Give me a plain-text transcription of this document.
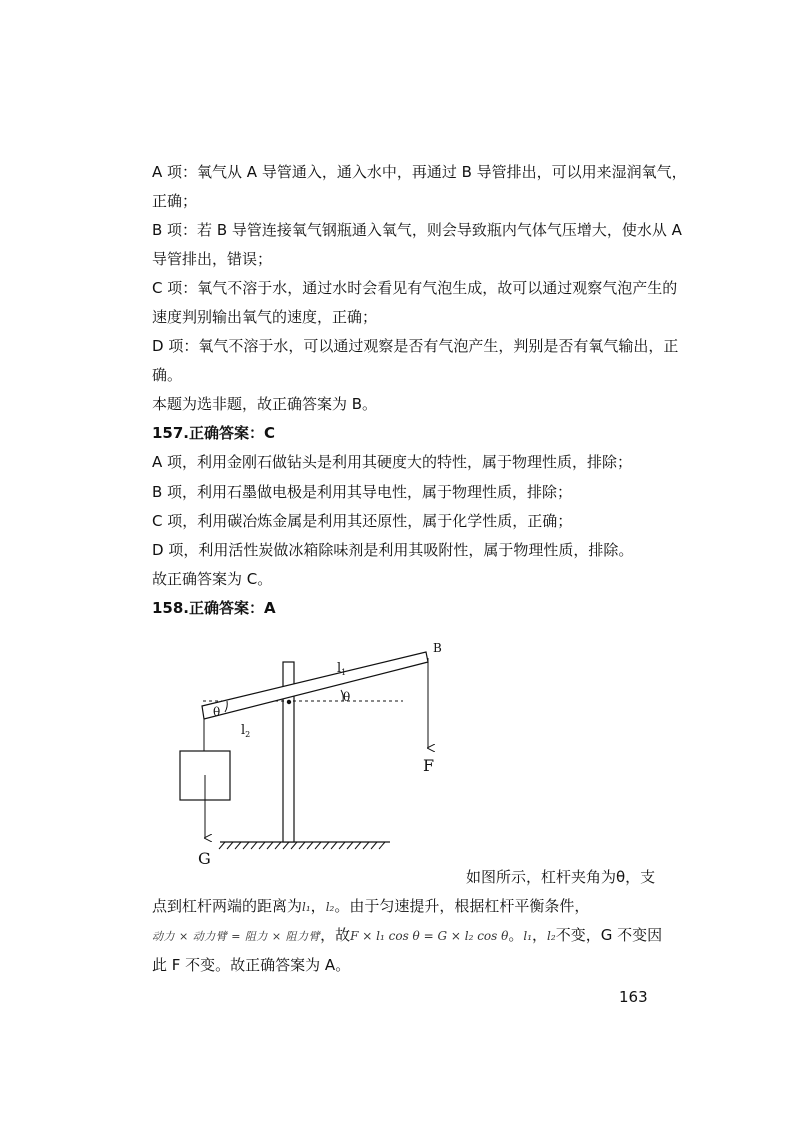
A 项：氧气从 A 导管通入，通入水中，再通过 B 导管排出，可以用来湿润氧气，
正确；
B 项：若 B 导管连接氧气钢瓶通入氧气，则会导致瓶内气体气压增大，使水从 A
导管排出，错误；
C 项：氧气不溶于水，通过水时会看见有气泡生成，故可以通过观察气泡产生的
速度判别输出氧气的速度，正确；
D 项：氧气不溶于水，可以通过观察是否有气泡产生，判别是否有氧气输出，正
确。
本题为选非题，故正确答案为 B。
157.正确答案：C
A 项，利用金刚石做钻头是利用其硬度大的特性，属于物理性质，排除；
B 项，利用石墨做电极是利用其导电性，属于物理性质，排除；
C 项，利用碳冶炼金属是利用其还原性，属于化学性质，正确；
D 项，利用活性炭做冰箱除味剂是利用其吸附性，属于物理性质，排除。
故正确答案为 C。
158.正确答案：A
B
$l_1$
$l_2$
θ
θ
F
G
如图所示，杠杆夹角为θ，支
点到杠杆两端的距离为l₁，l₂。由于匀速提升，根据杠杆平衡条件，
动力 × 动力臂 = 阻力 × 阻力臂，故F × l₁ cos θ = G × l₂ cos θ。l₁，l₂不变，G 不变因
此 F 不变。故正确答案为 A。
163
